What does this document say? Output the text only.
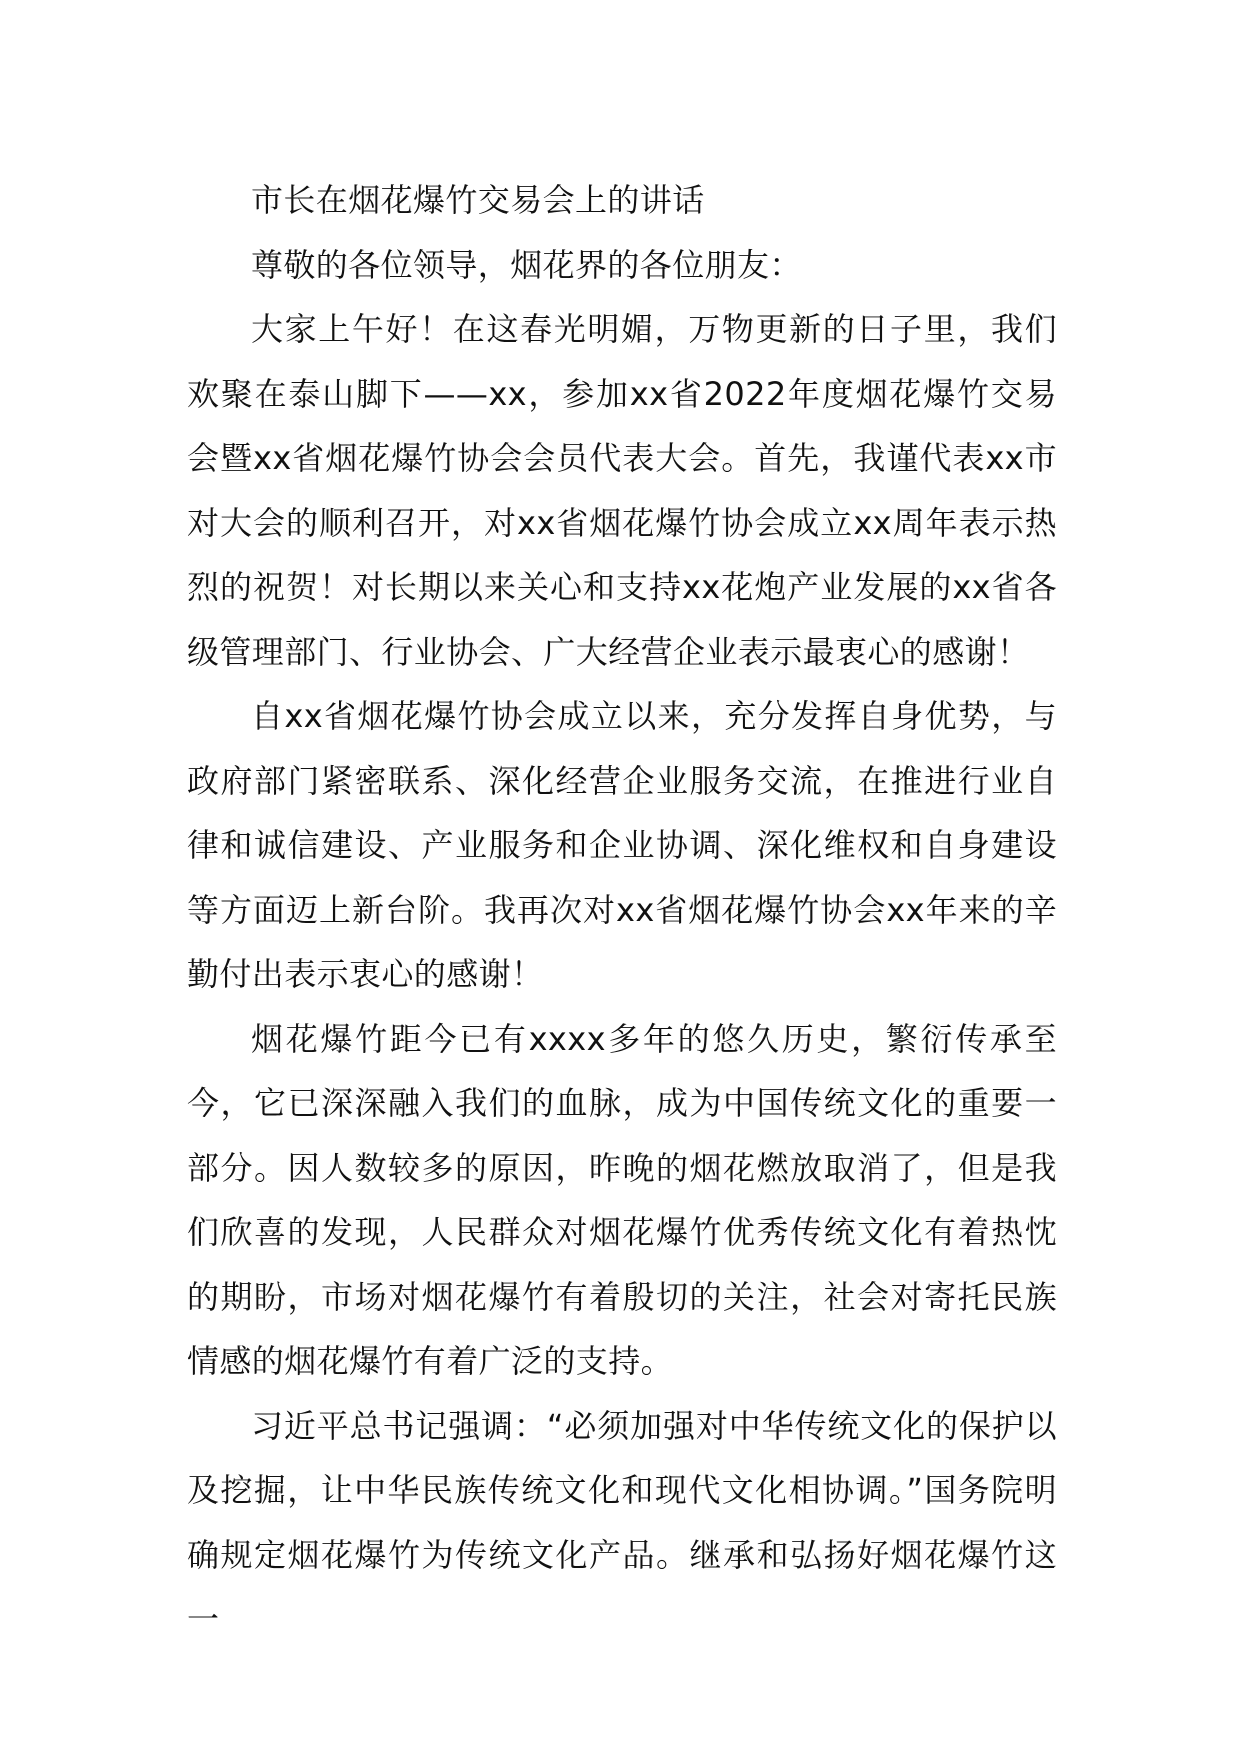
市长在烟花爆竹交易会上的讲话

尊敬的各位领导，烟花界的各位朋友：

大家上午好！在这春光明媚，万物更新的日子里，我们欢聚在泰山脚下——xx，参加xx省2022年度烟花爆竹交易会暨xx省烟花爆竹协会会员代表大会。首先，我谨代表xx市对大会的顺利召开，对xx省烟花爆竹协会成立xx周年表示热烈的祝贺！对长期以来关心和支持xx花炮产业发展的xx省各级管理部门、行业协会、广大经营企业表示最衷心的感谢！

自xx省烟花爆竹协会成立以来，充分发挥自身优势，与政府部门紧密联系、深化经营企业服务交流，在推进行业自律和诚信建设、产业服务和企业协调、深化维权和自身建设等方面迈上新台阶。我再次对xx省烟花爆竹协会xx年来的辛勤付出表示衷心的感谢！

烟花爆竹距今已有xxxx多年的悠久历史，繁衍传承至今，它已深深融入我们的血脉，成为中国传统文化的重要一部分。因人数较多的原因，昨晚的烟花燃放取消了，但是我们欣喜的发现，人民群众对烟花爆竹优秀传统文化有着热忱的期盼，市场对烟花爆竹有着殷切的关注，社会对寄托民族情感的烟花爆竹有着广泛的支持。

习近平总书记强调：“必须加强对中华传统文化的保护以及挖掘，让中华民族传统文化和现代文化相协调。”国务院明确规定烟花爆竹为传统文化产品。继承和弘扬好烟花爆竹这一
